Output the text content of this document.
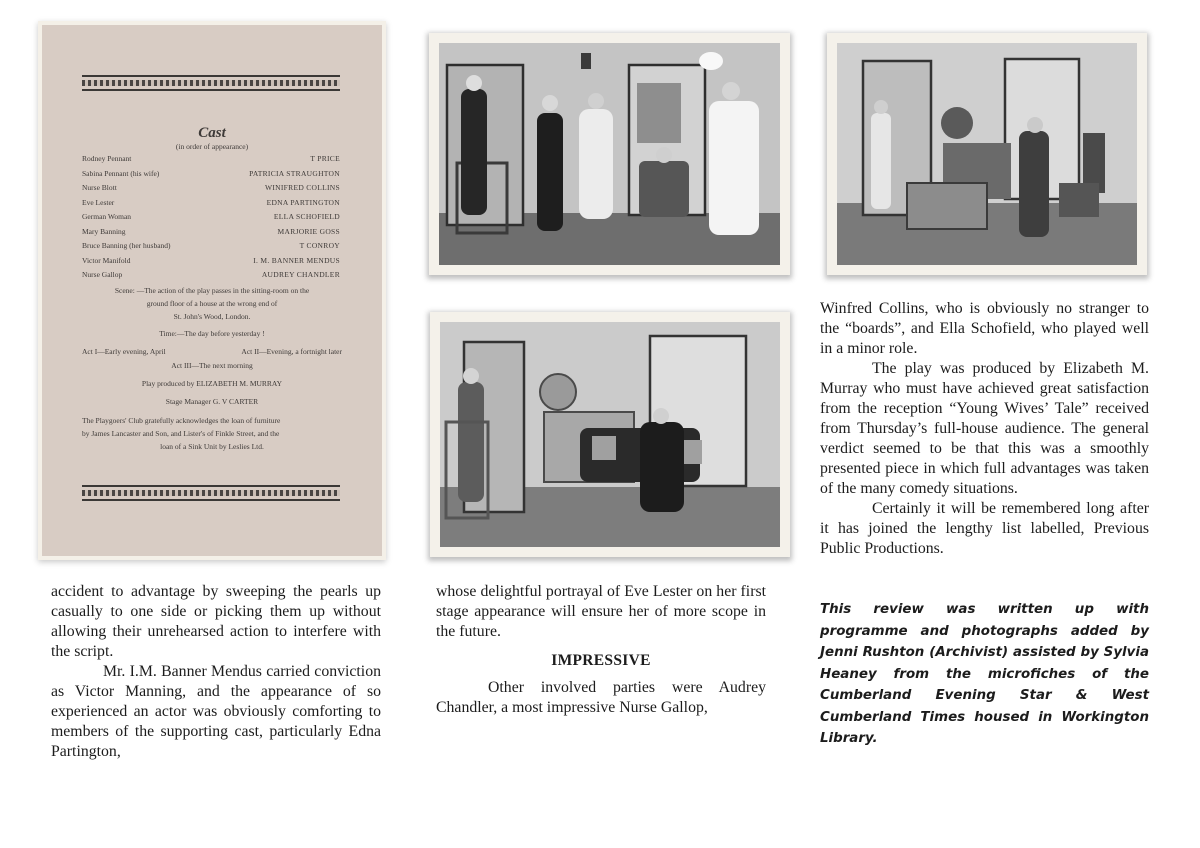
Cast
(in order of appearance)
Rodney Pennant	T PRICE
Sabina Pennant (his wife)	PATRICIA STRAUGHTON
Nurse Blott	WINIFRED COLLINS
Eve Lester	EDNA PARTINGTON
German Woman	ELLA SCHOFIELD
Mary Banning	MARJORIE GOSS
Bruce Banning (her husband)	T CONROY
Victor Manifold	I. M. BANNER MENDUS
Nurse Gallop	AUDREY CHANDLER
Scene: —The action of the play passes in the sitting-room on the
ground floor of a house at the wrong end of
St. John's Wood, London.
Time:—The day before yesterday !
Act I—Early evening, April	Act II—Evening, a fortnight later
Act III—The next morning
Play produced by ELIZABETH M. MURRAY
Stage Manager G. V CARTER
The Playgoers' Club gratefully acknowledges the loan of furniture
by James Lancaster and Son, and Lister's of Finkle Street, and the
loan of a Sink Unit by Leslies Ltd.

accident to advantage by sweeping the pearls up casually to one side or picking them up without allowing their unrehearsed action to interfere with the script.

Mr. I.M. Banner Mendus carried conviction as Victor Manning, and the appearance of so experienced an actor was obviously comforting to members of the supporting cast, particularly Edna Partington,

whose delightful portrayal of Eve Lester on her first stage appearance will ensure her of more scope in the future.

IMPRESSIVE

Other involved parties were Audrey Chandler, a most impressive Nurse Gallop,

Winfred Collins, who is obviously no stranger to the “boards”, and Ella Schofield, who played well in a minor role.

The play was produced by Elizabeth M. Murray who must have achieved great satisfaction from the reception “Young Wives’ Tale” received from Thursday’s full-house audience. The general verdict seemed to be that this was a smoothly presented piece in which full advantages was taken of the many comedy situations.

Certainly it will be remembered long after it has joined the lengthy list labelled, Previous Public Productions.

This review was written up with programme and photographs added by Jenni Rushton (Archivist) assisted by Sylvia Heaney from the microfiches of the Cumberland Evening Star & West Cumberland Times housed in Workington Library.
